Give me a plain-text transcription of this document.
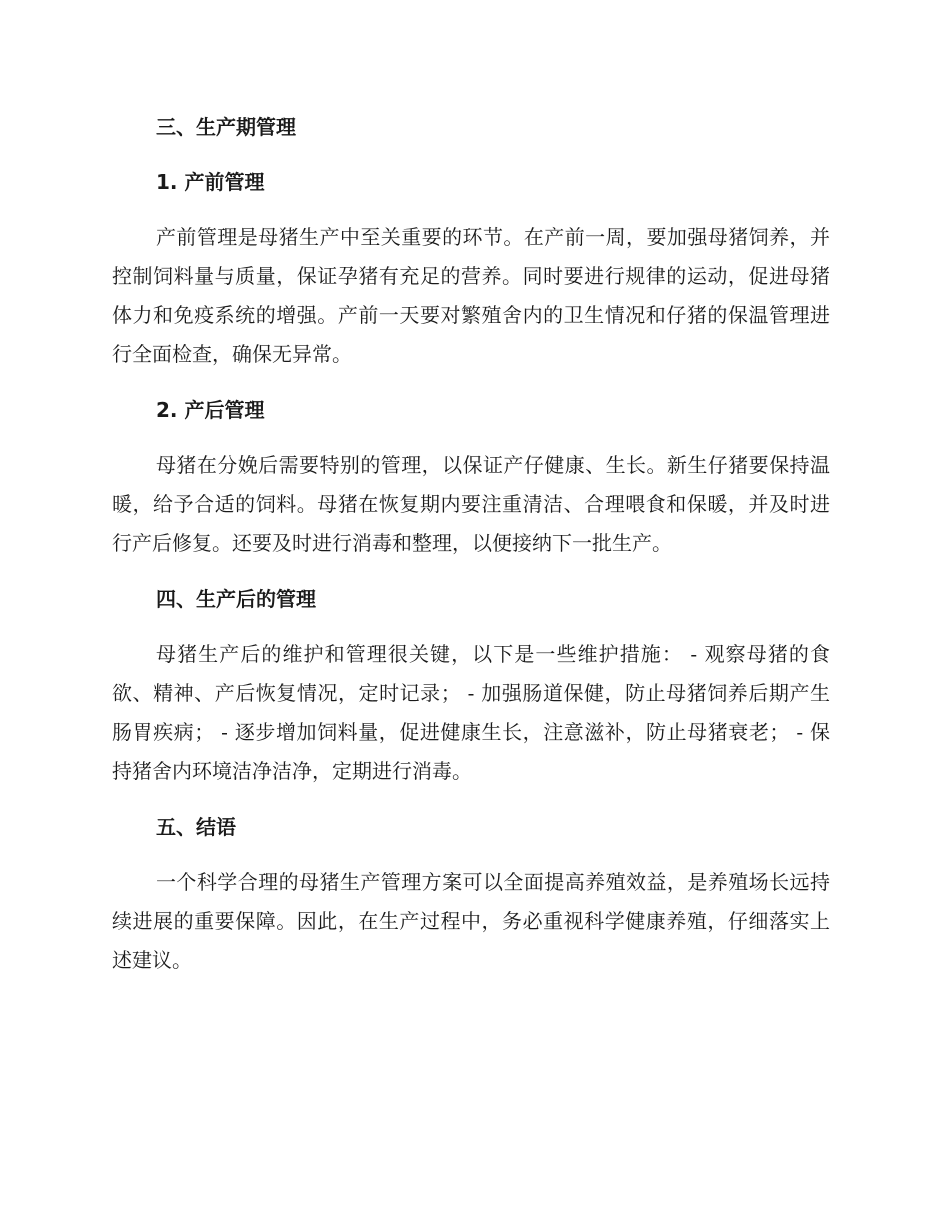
三、生产期管理
1. 产前管理

产前管理是母猪生产中至关重要的环节。在产前一周，要加强母猪饲养，并控制饲料量与质量，保证孕猪有充足的营养。同时要进行规律的运动，促进母猪体力和免疫系统的增强。产前一天要对繁殖舍内的卫生情况和仔猪的保温管理进行全面检查，确保无异常。

2. 产后管理

母猪在分娩后需要特别的管理，以保证产仔健康、生长。新生仔猪要保持温暖，给予合适的饲料。母猪在恢复期内要注重清洁、合理喂食和保暖，并及时进行产后修复。还要及时进行消毒和整理，以便接纳下一批生产。

四、生产后的管理

母猪生产后的维护和管理很关键，以下是一些维护措施： - 观察母猪的食欲、精神、产后恢复情况，定时记录； - 加强肠道保健，防止母猪饲养后期产生肠胃疾病； - 逐步增加饲料量，促进健康生长，注意滋补，防止母猪衰老； - 保持猪舍内环境洁净洁净，定期进行消毒。

五、结语

一个科学合理的母猪生产管理方案可以全面提高养殖效益，是养殖场长远持续进展的重要保障。因此，在生产过程中，务必重视科学健康养殖，仔细落实上述建议。
